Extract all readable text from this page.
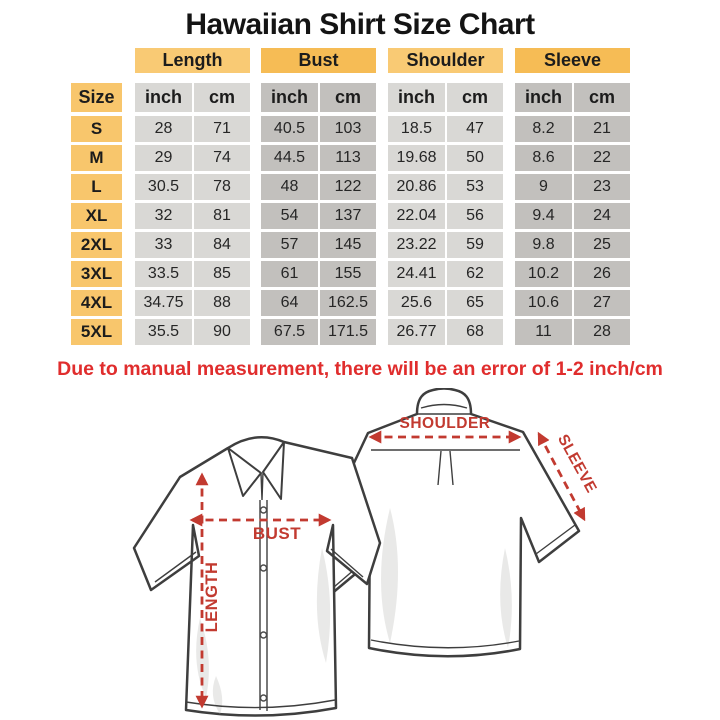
Hawaiian Shirt Size Chart
Length	Bust	Shoulder	Sleeve
Size	inch	cm	inch	cm	inch	cm	inch	cm
S	28	71	40.5	103	18.5	47	8.2	21
M	29	74	44.5	113	19.68	50	8.6	22
L	30.5	78	48	122	20.86	53	9	23
XL	32	81	54	137	22.04	56	9.4	24
2XL	33	84	57	145	23.22	59	9.8	25
3XL	33.5	85	61	155	24.41	62	10.2	26
4XL	34.75	88	64	162.5	25.6	65	10.6	27
5XL	35.5	90	67.5	171.5	26.77	68	11	28
Due to manual measurement, there will be an error of 1-2 inch/cm
BUST
LENGTH
SHOULDER
SLEEVE
